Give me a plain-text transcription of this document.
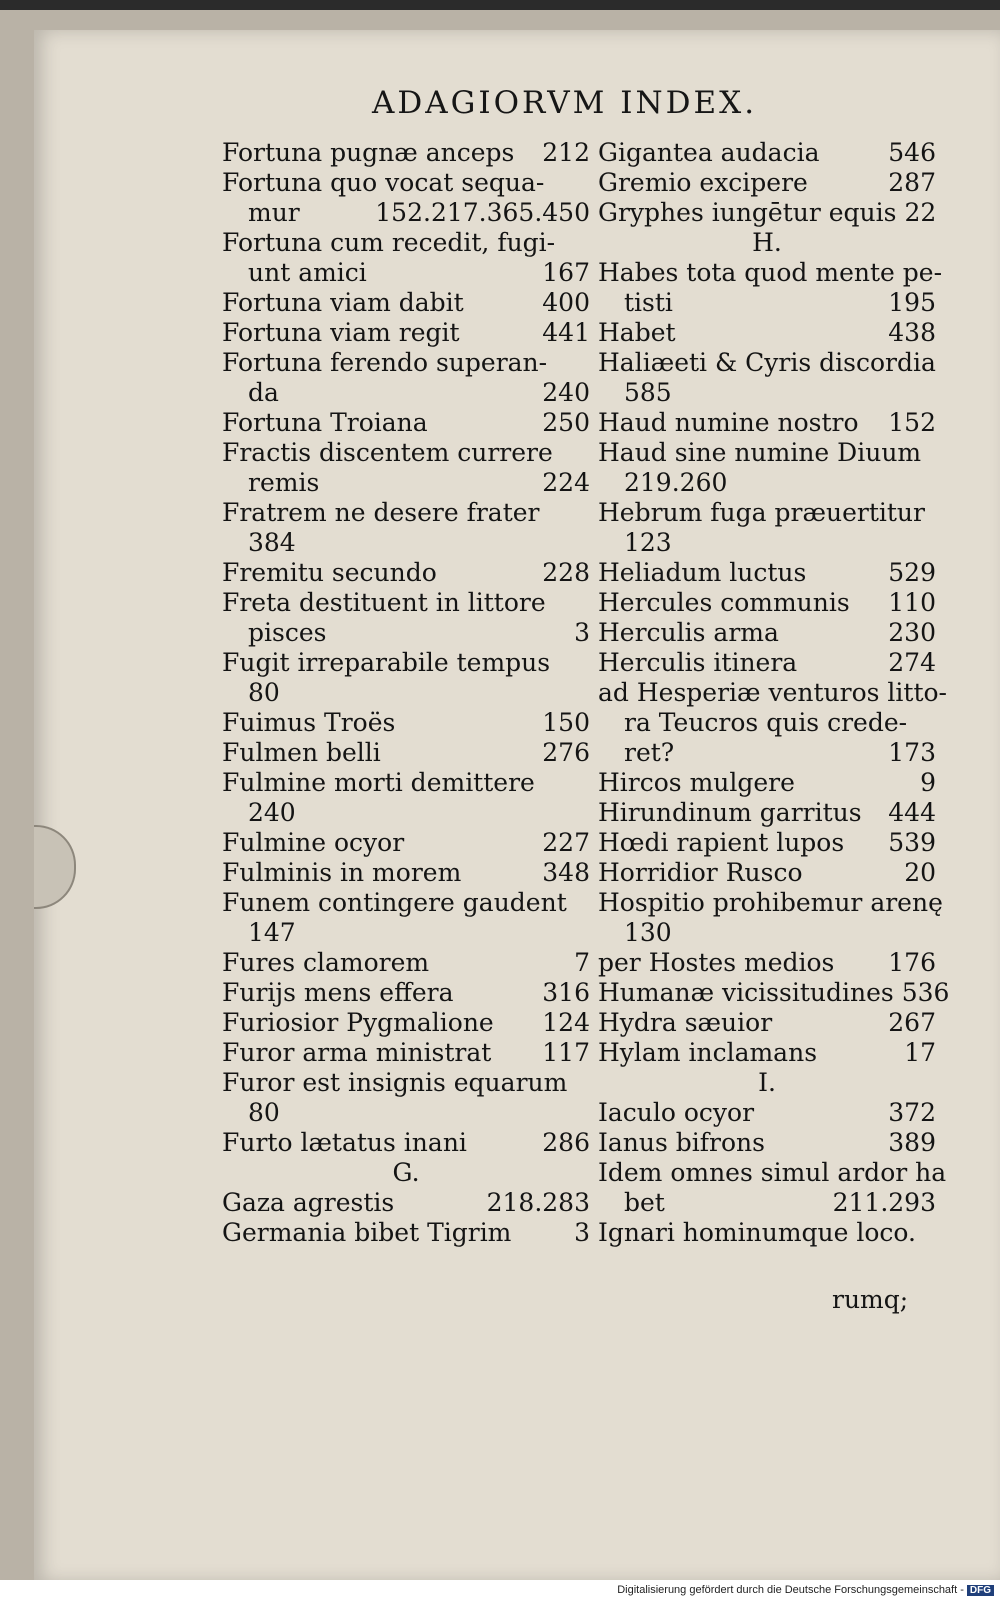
ADAGIORVM INDEX.
Fortuna pugnæ anceps	212
Fortuna quo vocat sequa-
mur	152.217.365.450
Fortuna cum recedit, fugi-
unt amici	167
Fortuna viam dabit	400
Fortuna viam regit	441
Fortuna ferendo superan-
da	240
Fortuna Troiana	250
Fractis discentem currere
remis	224
Fratrem ne desere frater
384
Fremitu secundo	228
Freta destituent in littore
pisces	3
Fugit irreparabile tempus
80
Fuimus Troës	150
Fulmen belli	276
Fulmine morti demittere
240
Fulmine ocyor	227
Fulminis in morem	348
Funem contingere gaudent
147
Fures clamorem	7
Furijs mens effera	316
Furiosior Pygmalione	124
Furor arma ministrat	117
Furor est insignis equarum
80
Furto lætatus inani	286
G.
Gaza agrestis	218.283
Germania bibet Tigrim	3
Gigantea audacia	546
Gremio excipere	287
Gryphes iungētur equis 22
H.
Habes tota quod mente pe-
tisti	195
Habet	438
Haliæeti & Cyris discordia
585
Haud numine nostro	152
Haud sine numine Diuum
219.260
Hebrum fuga præuertitur
123
Heliadum luctus	529
Hercules communis	110
Herculis arma	230
Herculis itinera	274
ad Hesperiæ venturos litto-
ra Teucros quis crede-
ret?	173
Hircos mulgere	9
Hirundinum garritus	444
Hœdi rapient lupos	539
Horridior Rusco	20
Hospitio prohibemur arenę
130
per Hostes medios	176
Humanæ vicissitudines 536
Hydra sæuior	267
Hylam inclamans	17
I.
Iaculo ocyor	372
Ianus bifrons	389
Idem omnes simul ardor ha
bet	211.293
Ignari hominumque loco.
rumq;
Digitalisierung gefördert durch die Deutsche Forschungsgemeinschaft - DFG
